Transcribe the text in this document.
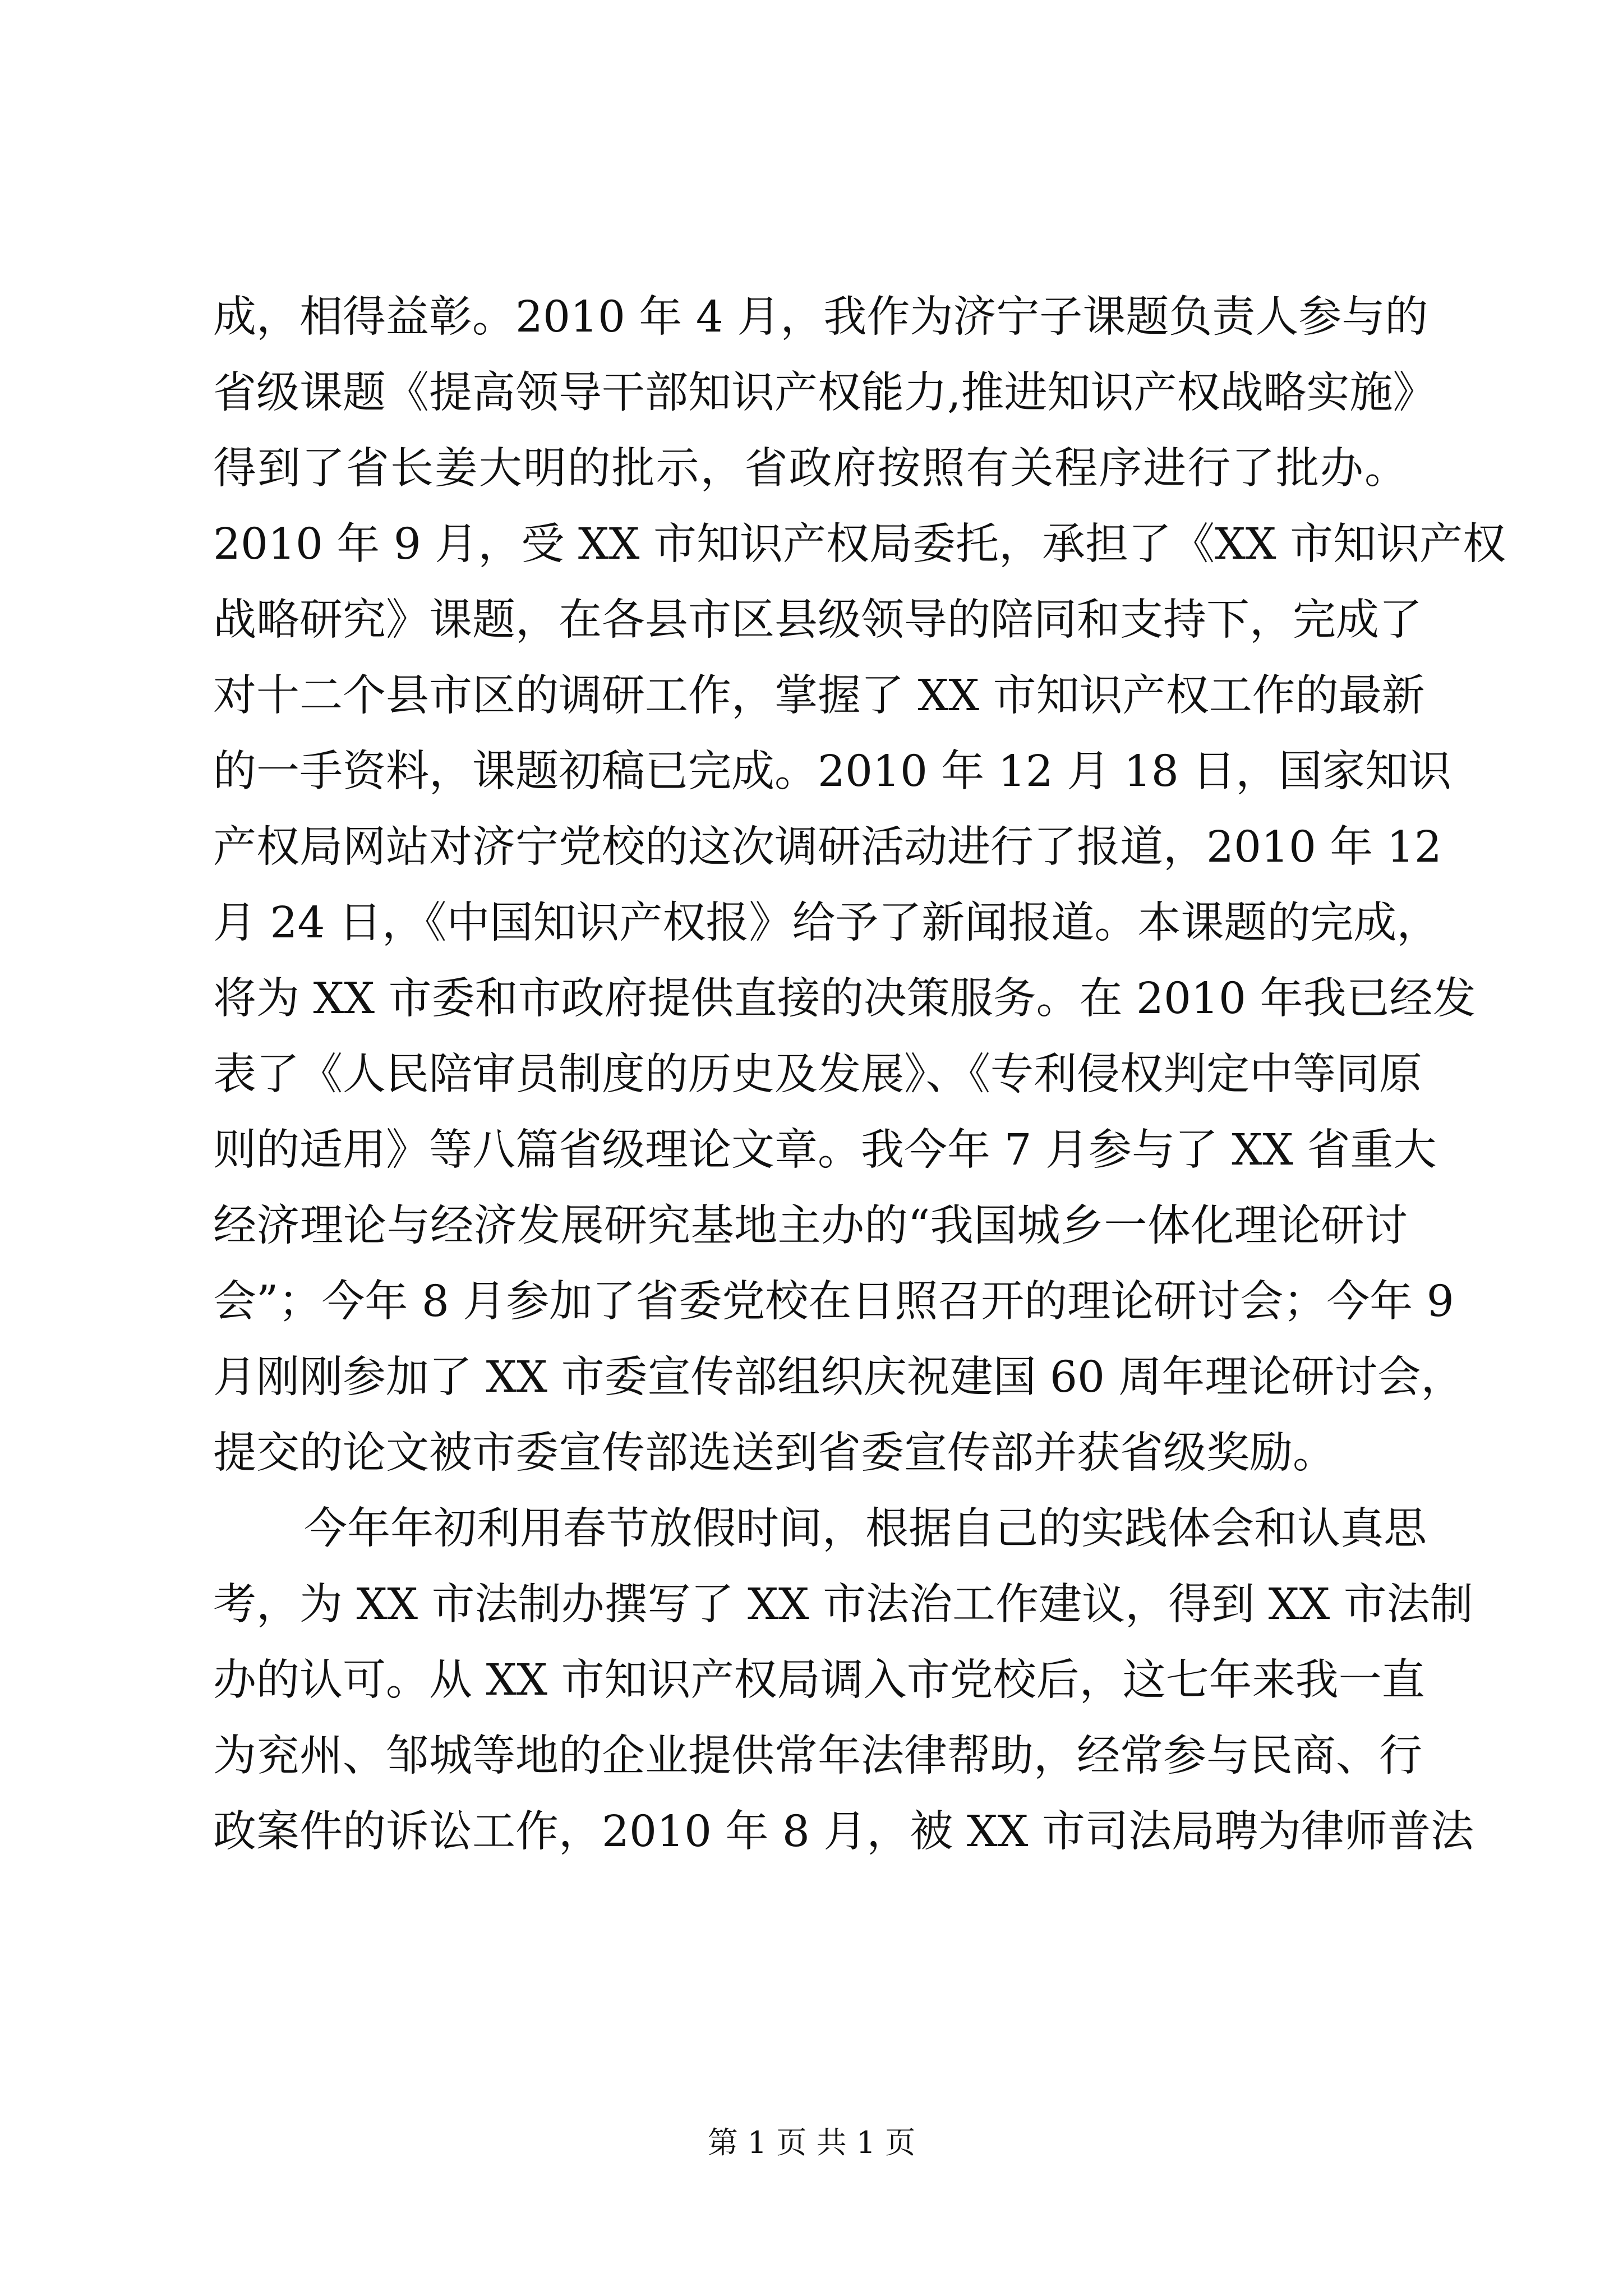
成，相得益彰。2010 年 4 月，我作为济宁子课题负责人参与的
省级课题《提高领导干部知识产权能力,推进知识产权战略实施》
得到了省长姜大明的批示，省政府按照有关程序进行了批办。
2010 年 9 月，受 XX 市知识产权局委托，承担了《XX 市知识产权
战略研究》课题，在各县市区县级领导的陪同和支持下，完成了
对十二个县市区的调研工作，掌握了 XX 市知识产权工作的最新
的一手资料，课题初稿已完成。2010 年 12 月 18 日，国家知识
产权局网站对济宁党校的这次调研活动进行了报道，2010 年 12
月 24 日，《中国知识产权报》给予了新闻报道。本课题的完成，
将为 XX 市委和市政府提供直接的决策服务。在 2010 年我已经发
表了《人民陪审员制度的历史及发展》、《专利侵权判定中等同原
则的适用》等八篇省级理论文章。我今年 7 月参与了 XX 省重大
经济理论与经济发展研究基地主办的“我国城乡一体化理论研讨
会”；今年 8 月参加了省委党校在日照召开的理论研讨会；今年 9
月刚刚参加了 XX 市委宣传部组织庆祝建国 60 周年理论研讨会，
提交的论文被市委宣传部选送到省委宣传部并获省级奖励。
今年年初利用春节放假时间，根据自己的实践体会和认真思
考，为 XX 市法制办撰写了 XX 市法治工作建议，得到 XX 市法制
办的认可。从 XX 市知识产权局调入市党校后，这七年来我一直
为兖州、邹城等地的企业提供常年法律帮助，经常参与民商、行
政案件的诉讼工作，2010 年 8 月，被 XX 市司法局聘为律师普法
第 1 页 共 1 页
